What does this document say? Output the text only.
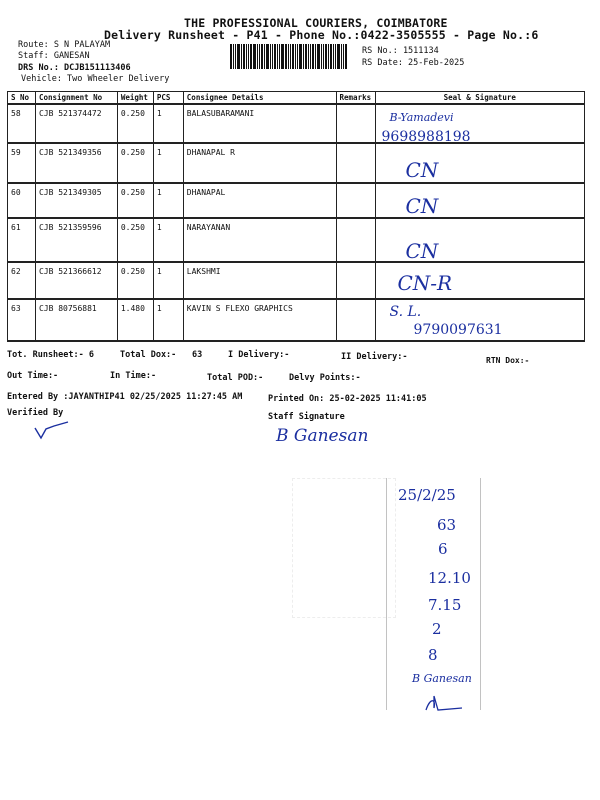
THE PROFESSIONAL COURIERS, COIMBATORE
Delivery Runsheet - P41 - Phone No.:0422-3505555 - Page No.:6
Route: S N PALAYAM
Staff: GANESAN
DRS No.: DCJB151113406
Vehicle: Two Wheeler Delivery
RS No.: 1511134
RS Date: 25-Feb-2025
S No	Consignment No	Weight	PCS	Consignee Details	Remarks	Seal & Signature
58	CJB 521374472	0.250	1	BALASUBARAMANI		B-Yamadevi
9698988198

59	CJB 521349356	0.250	1	DHANAPAL R		CN

60	CJB 521349305	0.250	1	DHANAPAL		CN

61	CJB 521359596	0.250	1	NARAYANAN		CN

62	CJB 521366612	0.250	1	LAKSHMI		CN-R

63	CJB 80756881	1.480	1	KAVIN S FLEXO GRAPHICS		S. L.
9790097631
Tot. Runsheet:- 6	Total Dox:- 63	I Delivery:-	II Delivery:-	RTN Dox:-
Out Time:-	In Time:-	Total POD:-	Delvy Points:-
Entered By :JAYANTHIP41 02/25/2025 11:27:45 AM	Printed On: 25-02-2025 11:41:05
Verified By	Staff Signature
B Ganesan
25/2/25
63
6
12.10
7.15
2
8
B Ganesan
